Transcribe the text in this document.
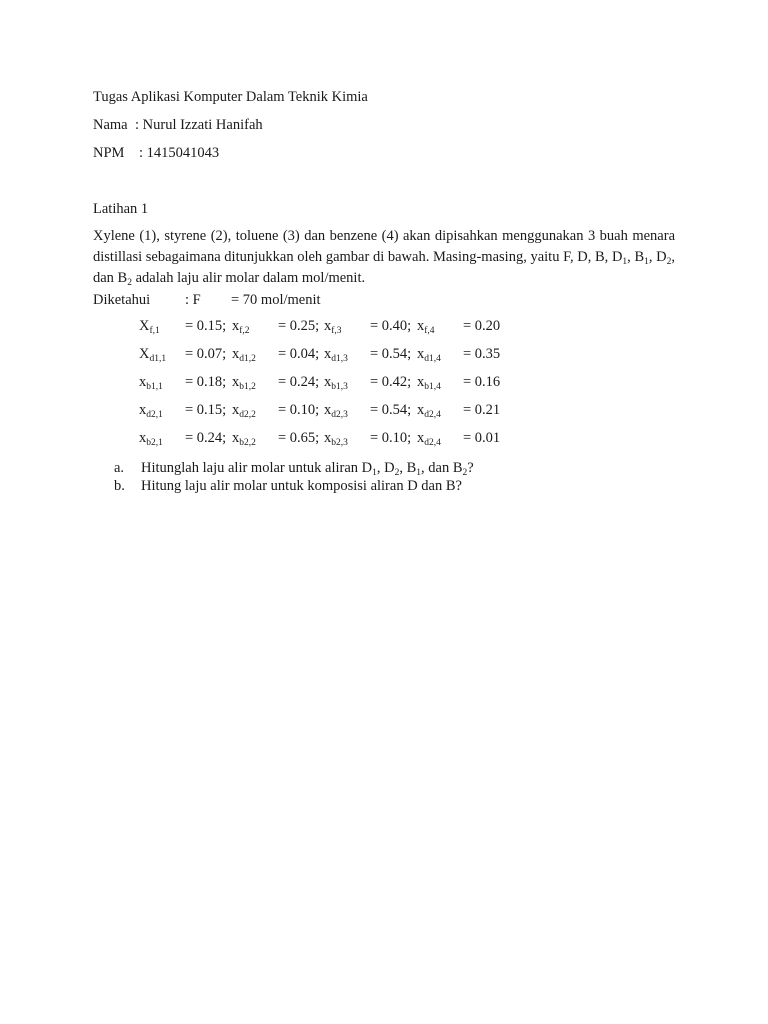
Tugas Aplikasi Komputer Dalam Teknik Kimia
Nama : Nurul Izzati Hanifah
NPM : 1415041043
Latihan 1
Xylene (1), styrene (2), toluene (3) dan benzene (4) akan dipisahkan menggunakan 3 buah menara distillasi sebagaimana ditunjukkan oleh gambar di bawah. Masing-masing, yaitu F, D, B, $D_1$, $B_1$, $D_2$, dan $B_2$ adalah laju alir molar dalam mol/menit.
Diketahui : F = 70 mol/menit
$X_{f,1} = 0.15$; $x_{f,2} = 0.25$; $x_{f,3} = 0.40$; $x_{f,4} = 0.20$
$X_{d1,1} = 0.07$; $x_{d1,2} = 0.04$; $x_{d1,3} = 0.54$; $x_{d1,4} = 0.35$
$x_{b1,1} = 0.18$; $x_{b1,2} = 0.24$; $x_{b1,3} = 0.42$; $x_{b1,4} = 0.16$
$x_{d2,1} = 0.15$; $x_{d2,2} = 0.10$; $x_{d2,3} = 0.54$; $x_{d2,4} = 0.21$
$x_{b2,1} = 0.24$; $x_{b2,2} = 0.65$; $x_{b2,3} = 0.10$; $x_{d2,4} = 0.01$
a. Hitunglah laju alir molar untuk aliran $D_1$, $D_2$, $B_1$, dan $B_2$?
b. Hitung laju alir molar untuk komposisi aliran D dan B?
